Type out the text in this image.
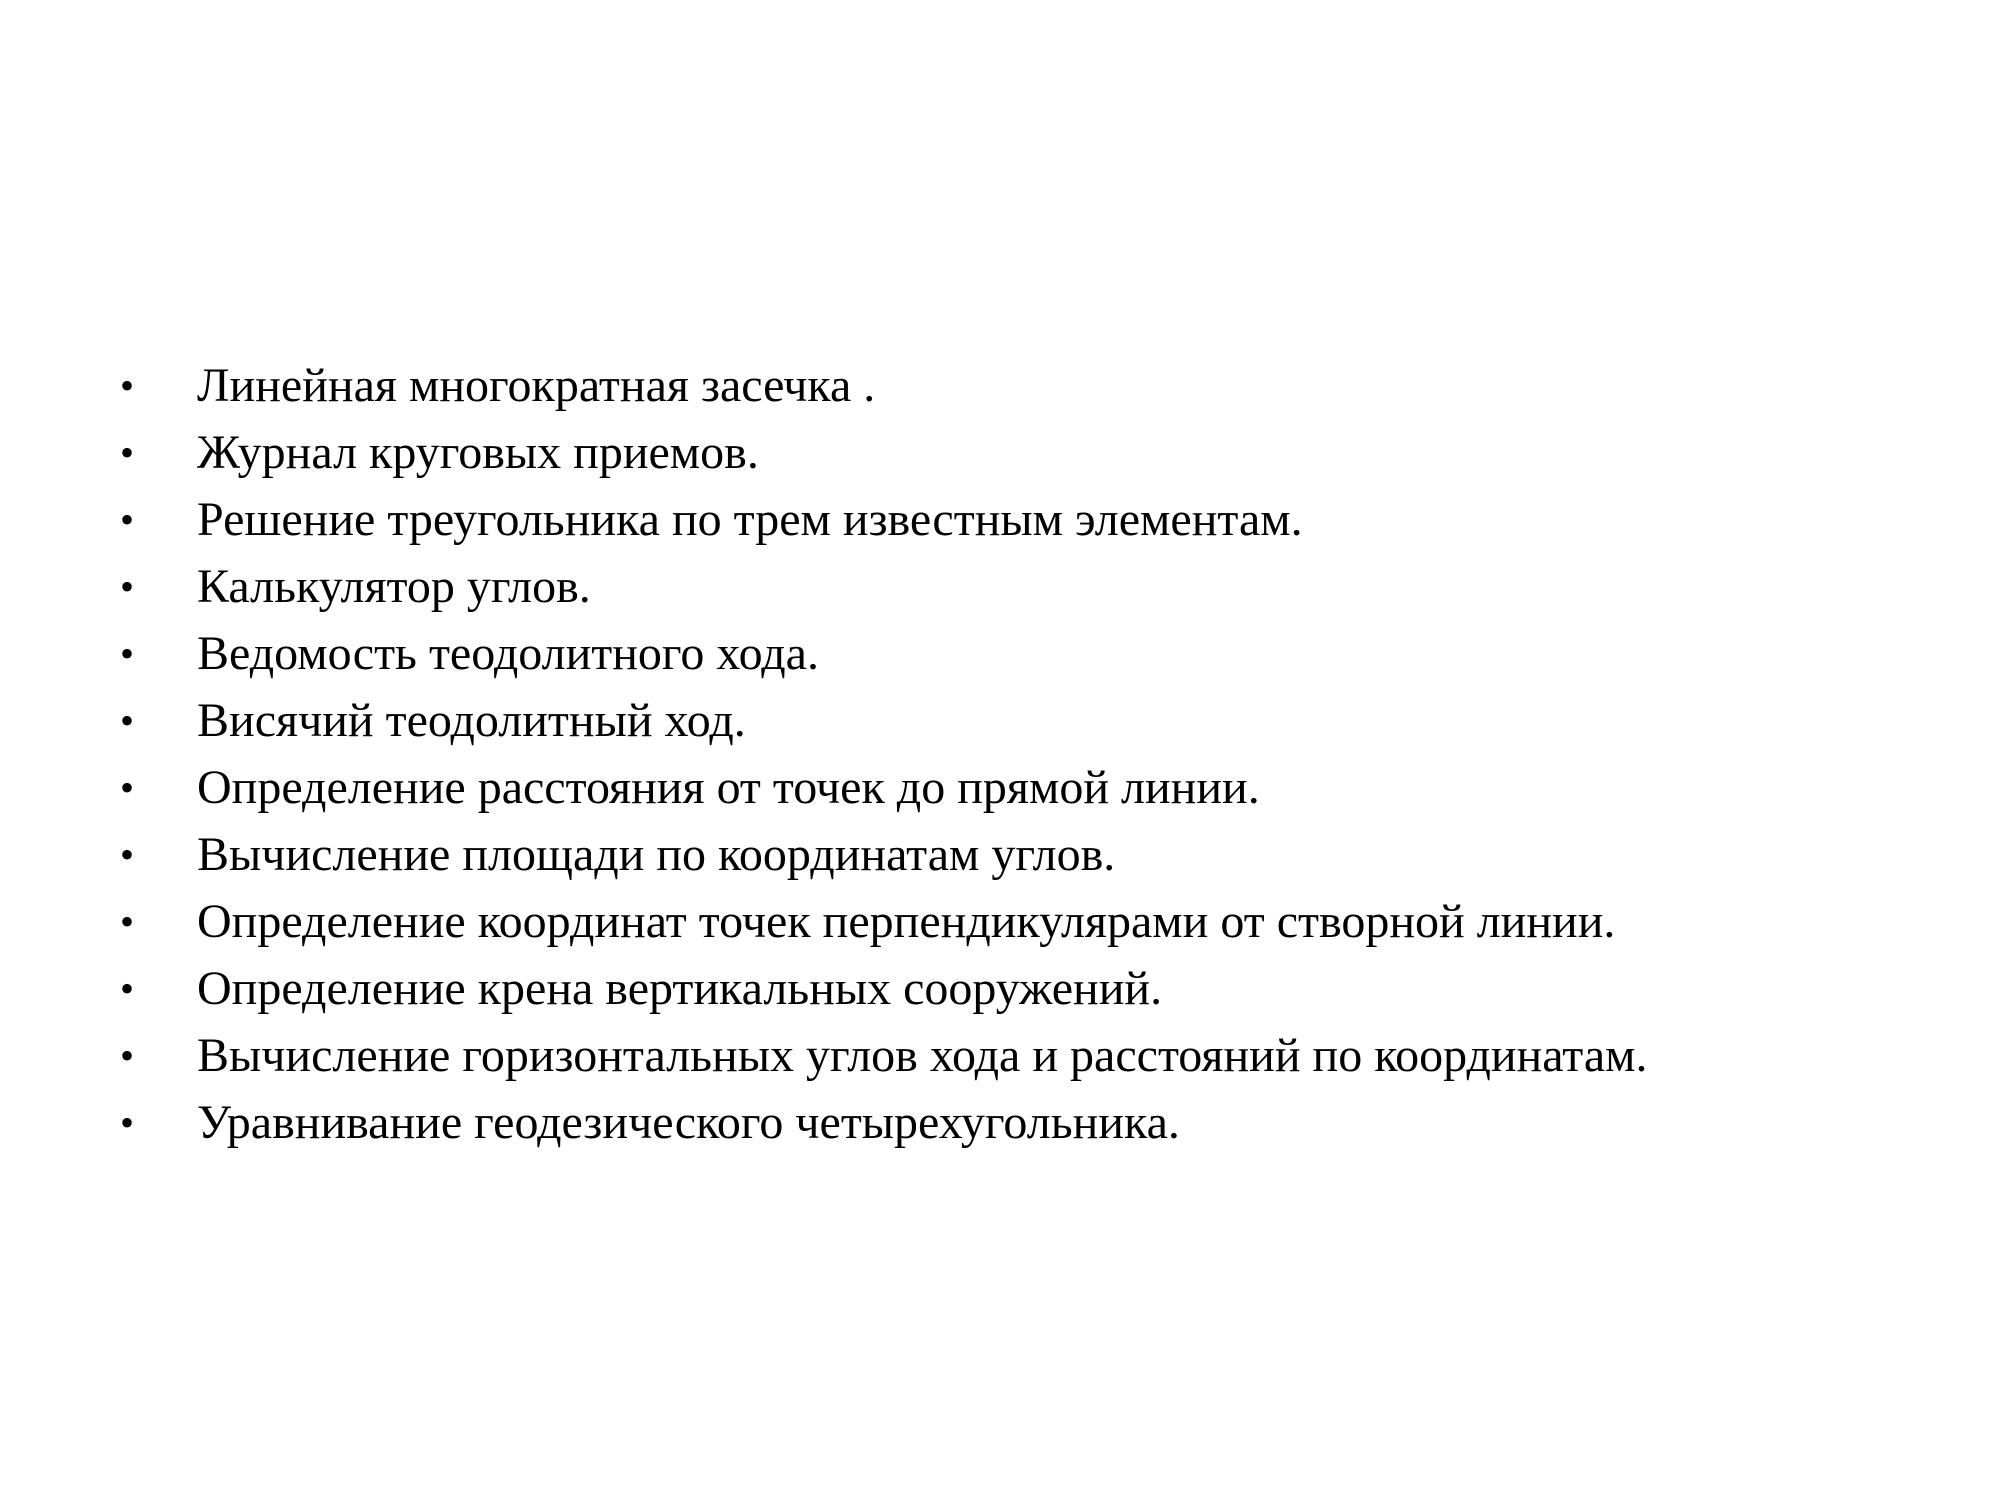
• Линейная многократная засечка .
• Журнал круговых приемов.
• Решение треугольника по трем известным элементам.
• Калькулятор углов.
• Ведомость теодолитного хода.
• Висячий теодолитный ход.
• Определение расстояния от точек до прямой линии.
• Вычисление площади по координатам углов.
• Определение координат точек перпендикулярами от створной линии.
• Определение крена вертикальных сооружений.
• Вычисление горизонтальных углов хода и расстояний по координатам.
• Уравнивание геодезического четырехугольника.
